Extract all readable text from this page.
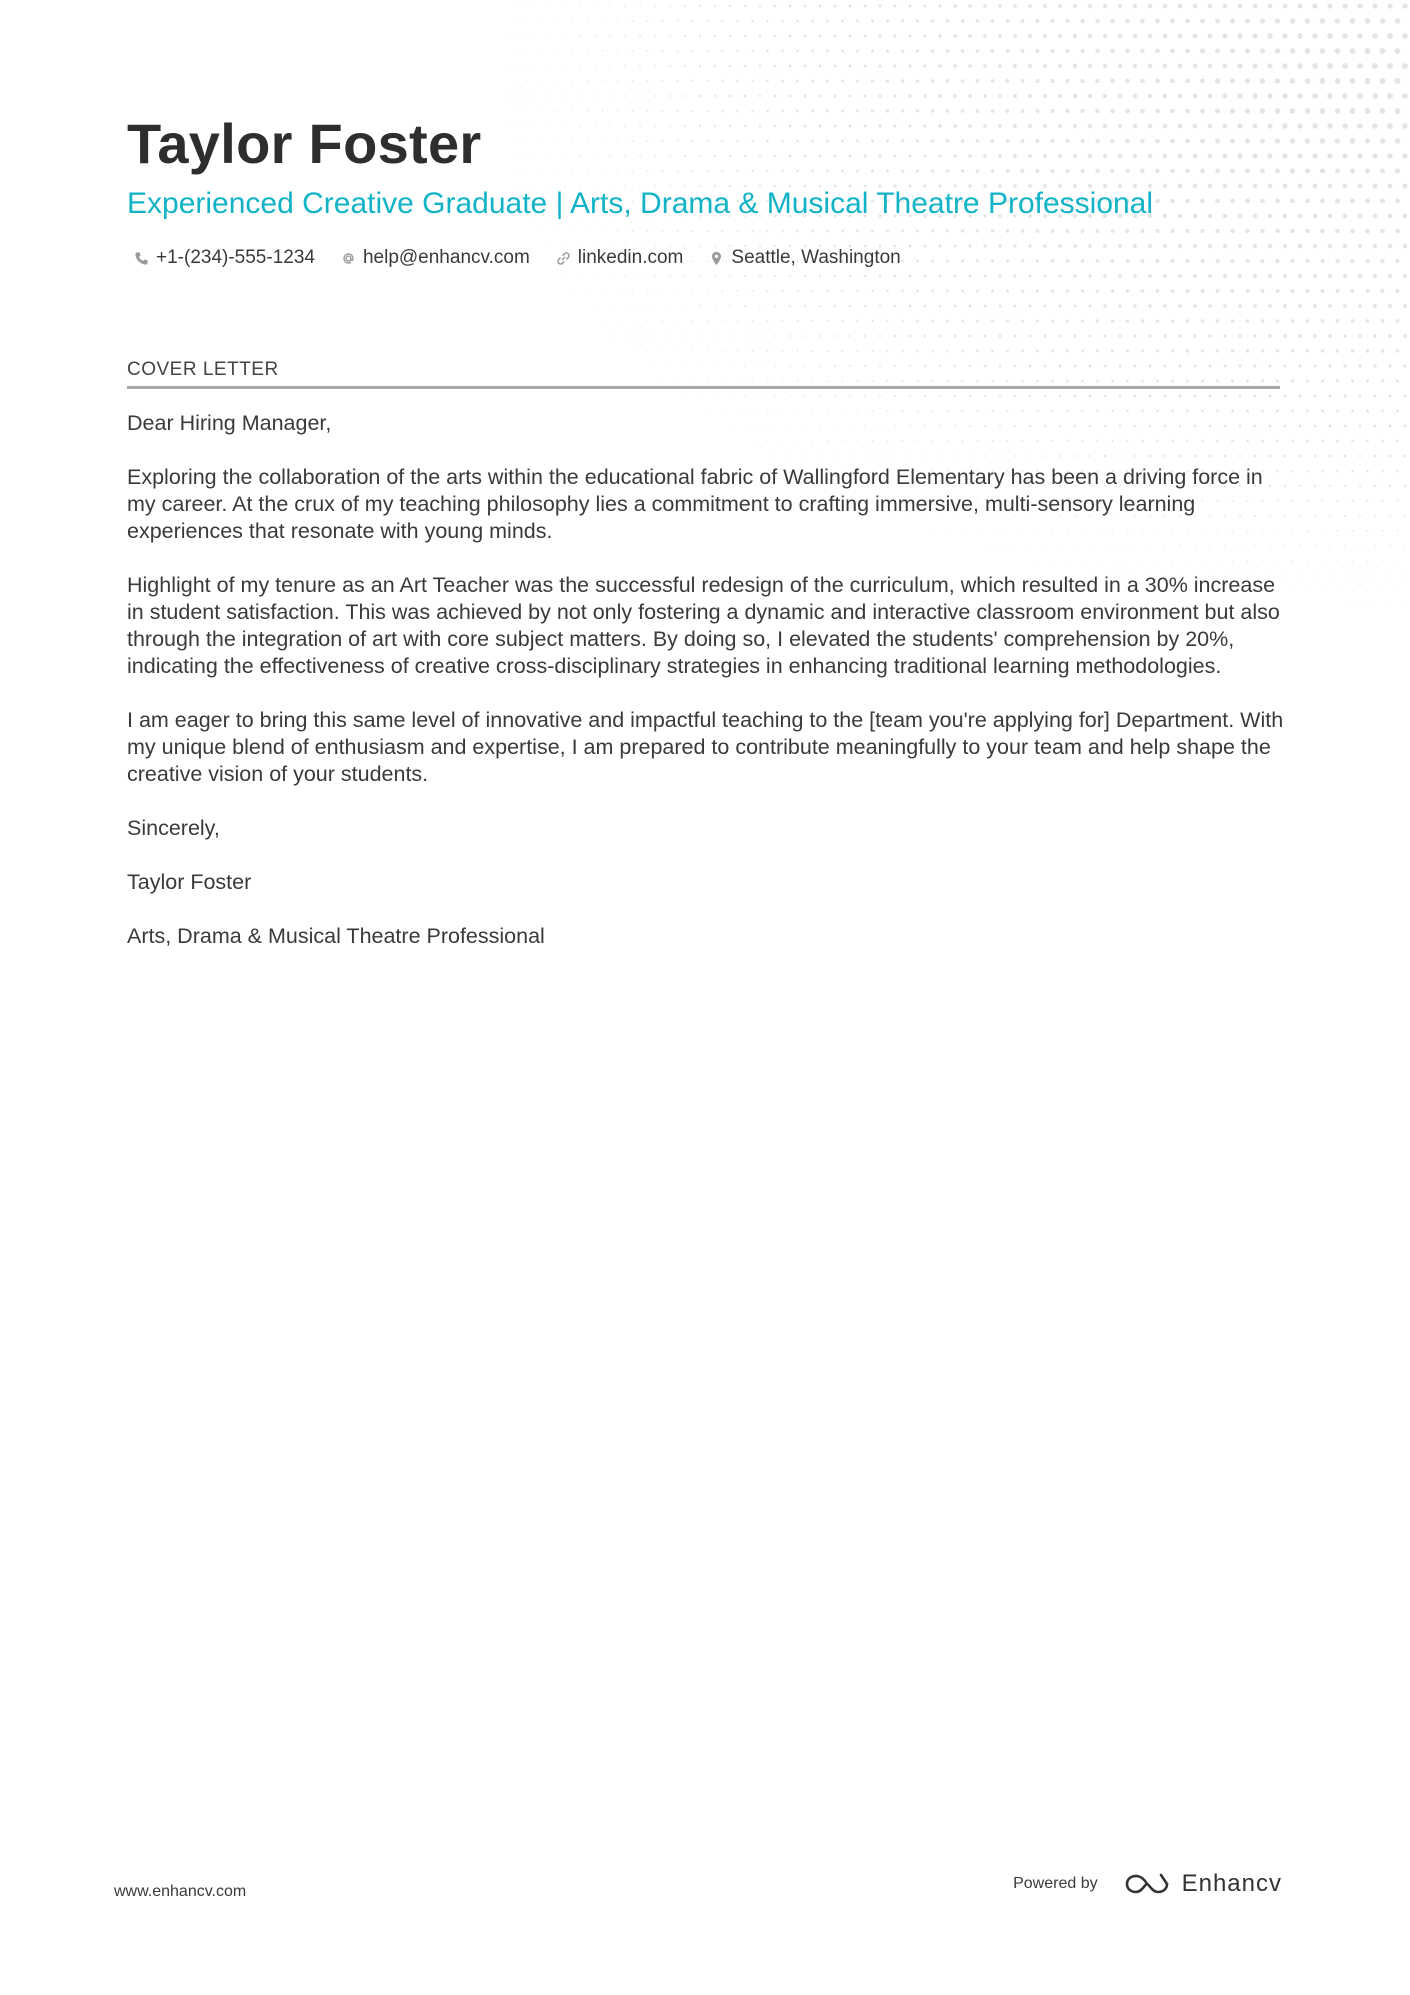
Taylor Foster
Experienced Creative Graduate | Arts, Drama & Musical Theatre Professional
+1-(234)-555-1234	help@enhancv.com	linkedin.com	Seattle, Washington
COVER LETTER

Dear Hiring Manager,

Exploring the collaboration of the arts within the educational fabric of Wallingford Elementary has been a driving force in my career. At the crux of my teaching philosophy lies a commitment to crafting immersive, multi-sensory learning experiences that resonate with young minds.

Highlight of my tenure as an Art Teacher was the successful redesign of the curriculum, which resulted in a 30% increase in student satisfaction. This was achieved by not only fostering a dynamic and interactive classroom environment but also through the integration of art with core subject matters. By doing so, I elevated the students' comprehension by 20%, indicating the effectiveness of creative cross-disciplinary strategies in enhancing traditional learning methodologies.

I am eager to bring this same level of innovative and impactful teaching to the [team you're applying for] Department. With my unique blend of enthusiasm and expertise, I am prepared to contribute meaningfully to your team and help shape the creative vision of your students.

Sincerely,

Taylor Foster

Arts, Drama & Musical Theatre Professional

www.enhancv.com	Powered by	Enhancv
